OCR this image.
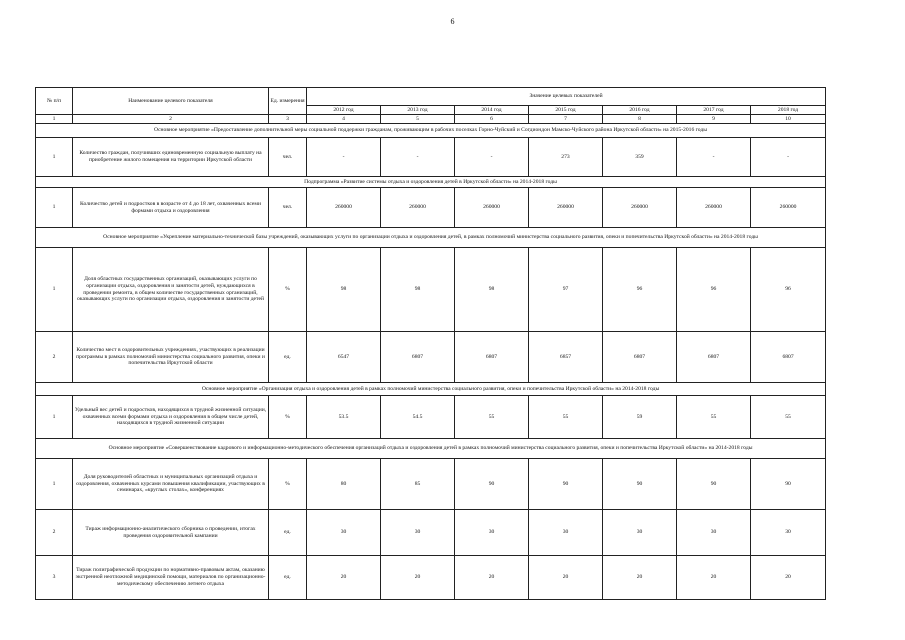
6
№ п/п	Наименование целевого показателя	Ед. измерения	Значение целевых показателей						
			2012 год	2013 год	2014 год	2015 год	2016 год	2017 год	2018 год
1	2	3	4	5	6	7	8	9	10
Основное мероприятие «Предоставление дополнительной меры социальной поддержки гражданам, проживающим в рабочих поселках Горно-Чуйский и Согдиондон Мамско-Чуйского района Иркутской области» на 2015-2016 годы									
1	Количество граждан, получивших единовременную социальную выплату на приобретение жилого помещения на территории Иркутской области	чел.	-	-	-	273	359	-	-
Подпрограмма «Развитие системы отдыха и оздоровления детей в Иркутской области» на 2014-2018 годы									
1	Количество детей и подростков в возрасте от 4 до 18 лет, охваченных всеми формами отдыха и оздоровления	чел.	260000	260000	260000	260000	260000	260000	260000
Основное мероприятие «Укрепление материально-технической базы учреждений, оказывающих услуги по организации отдыха и оздоровления детей, в рамках полномочий министерства социального развития, опеки и попечительства Иркутской области» на 2014-2018 годы									
1	Доля областных государственных организаций, оказывающих услуги по организации отдыха, оздоровления и занятости детей, нуждающихся в проведении ремонта, в общем количестве государственных организаций, оказывающих услуги по организации отдыха, оздоровления и занятости детей	%	98	98	98	97	96	96	96
2	Количество мест в оздоровительных учреждениях, участвующих в реализации программы в рамках полномочий министерства социального развития, опеки и попечительства Иркутской области	ед.	6547	6807	6807	6857	6807	6807	6807
Основное мероприятие «Организация отдыха и оздоровления детей в рамках полномочий министерства социального развития, опеки и попечительства Иркутской области» на 2014-2018 годы									
1	Удельный вес детей и подростков, находящихся в трудной жизненной ситуации, охваченных всеми формами отдыха и оздоровления в общем числе детей, находящихся в трудной жизненной ситуации	%	53.5	54.5	55	55	59	55	55
Основное мероприятие «Совершенствование кадрового и информационно-методического обеспечения организаций отдыха и оздоровления детей в рамках полномочий министерства социального развития, опеки и попечительства Иркутской области» на 2014-2018 годы									
1	Доля руководителей областных и муниципальных организаций отдыха и оздоровления, охваченных курсами повышения квалификации, участвующих в семинарах, «круглых столах», конференциях	%	80	85	90	90	90	90	90
2	Тираж информационно-аналитического сборника о проведении, итогах проведения оздоровительной кампании	ед.	30	30	30	30	30	30	30
3	Тираж полиграфической продукции по нормативно-правовым актам, оказанию экстренной неотложной медицинской помощи, материалов по организационно-методическому обеспечению летнего отдыха	ед.	20	20	20	20	20	20	20
